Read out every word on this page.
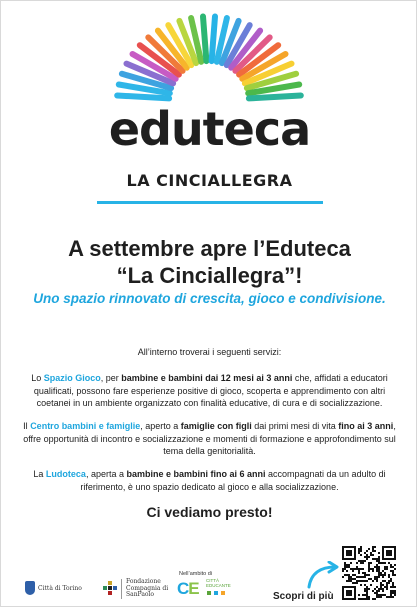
eduteca
LA CINCIALLEGRA
A settembre apre l’Eduteca
“La Cinciallegra”!
Uno spazio rinnovato di crescita, gioco e condivisione.
All’interno troverai i seguenti servizi:
Lo Spazio Gioco, per bambine e bambini dai 12 mesi ai 3 anni che, affidati a educatori qualificati, possono fare esperienze positive di gioco, scoperta e apprendimento con altri coetanei in un ambiente organizzato con finalità educative, di cura e di socializzazione.
Il Centro bambini e famiglie, aperto a famiglie con figli dai primi mesi di vita fino ai 3 anni, offre opportunità di incontro e socializzazione e momenti di formazione e approfondimento sul tema della genitorialità.
La Ludoteca, aperta a bambine e bambini fino ai 6 anni accompagnati da un adulto di riferimento, è uno spazio dedicato al gioco e alla socializzazione.
Ci vediamo presto!
Città di Torino
Fondazione Compagnia di SanPaolo
Nell’ambito di
CE CITTÀ EDUCANTE
Scopri di più
